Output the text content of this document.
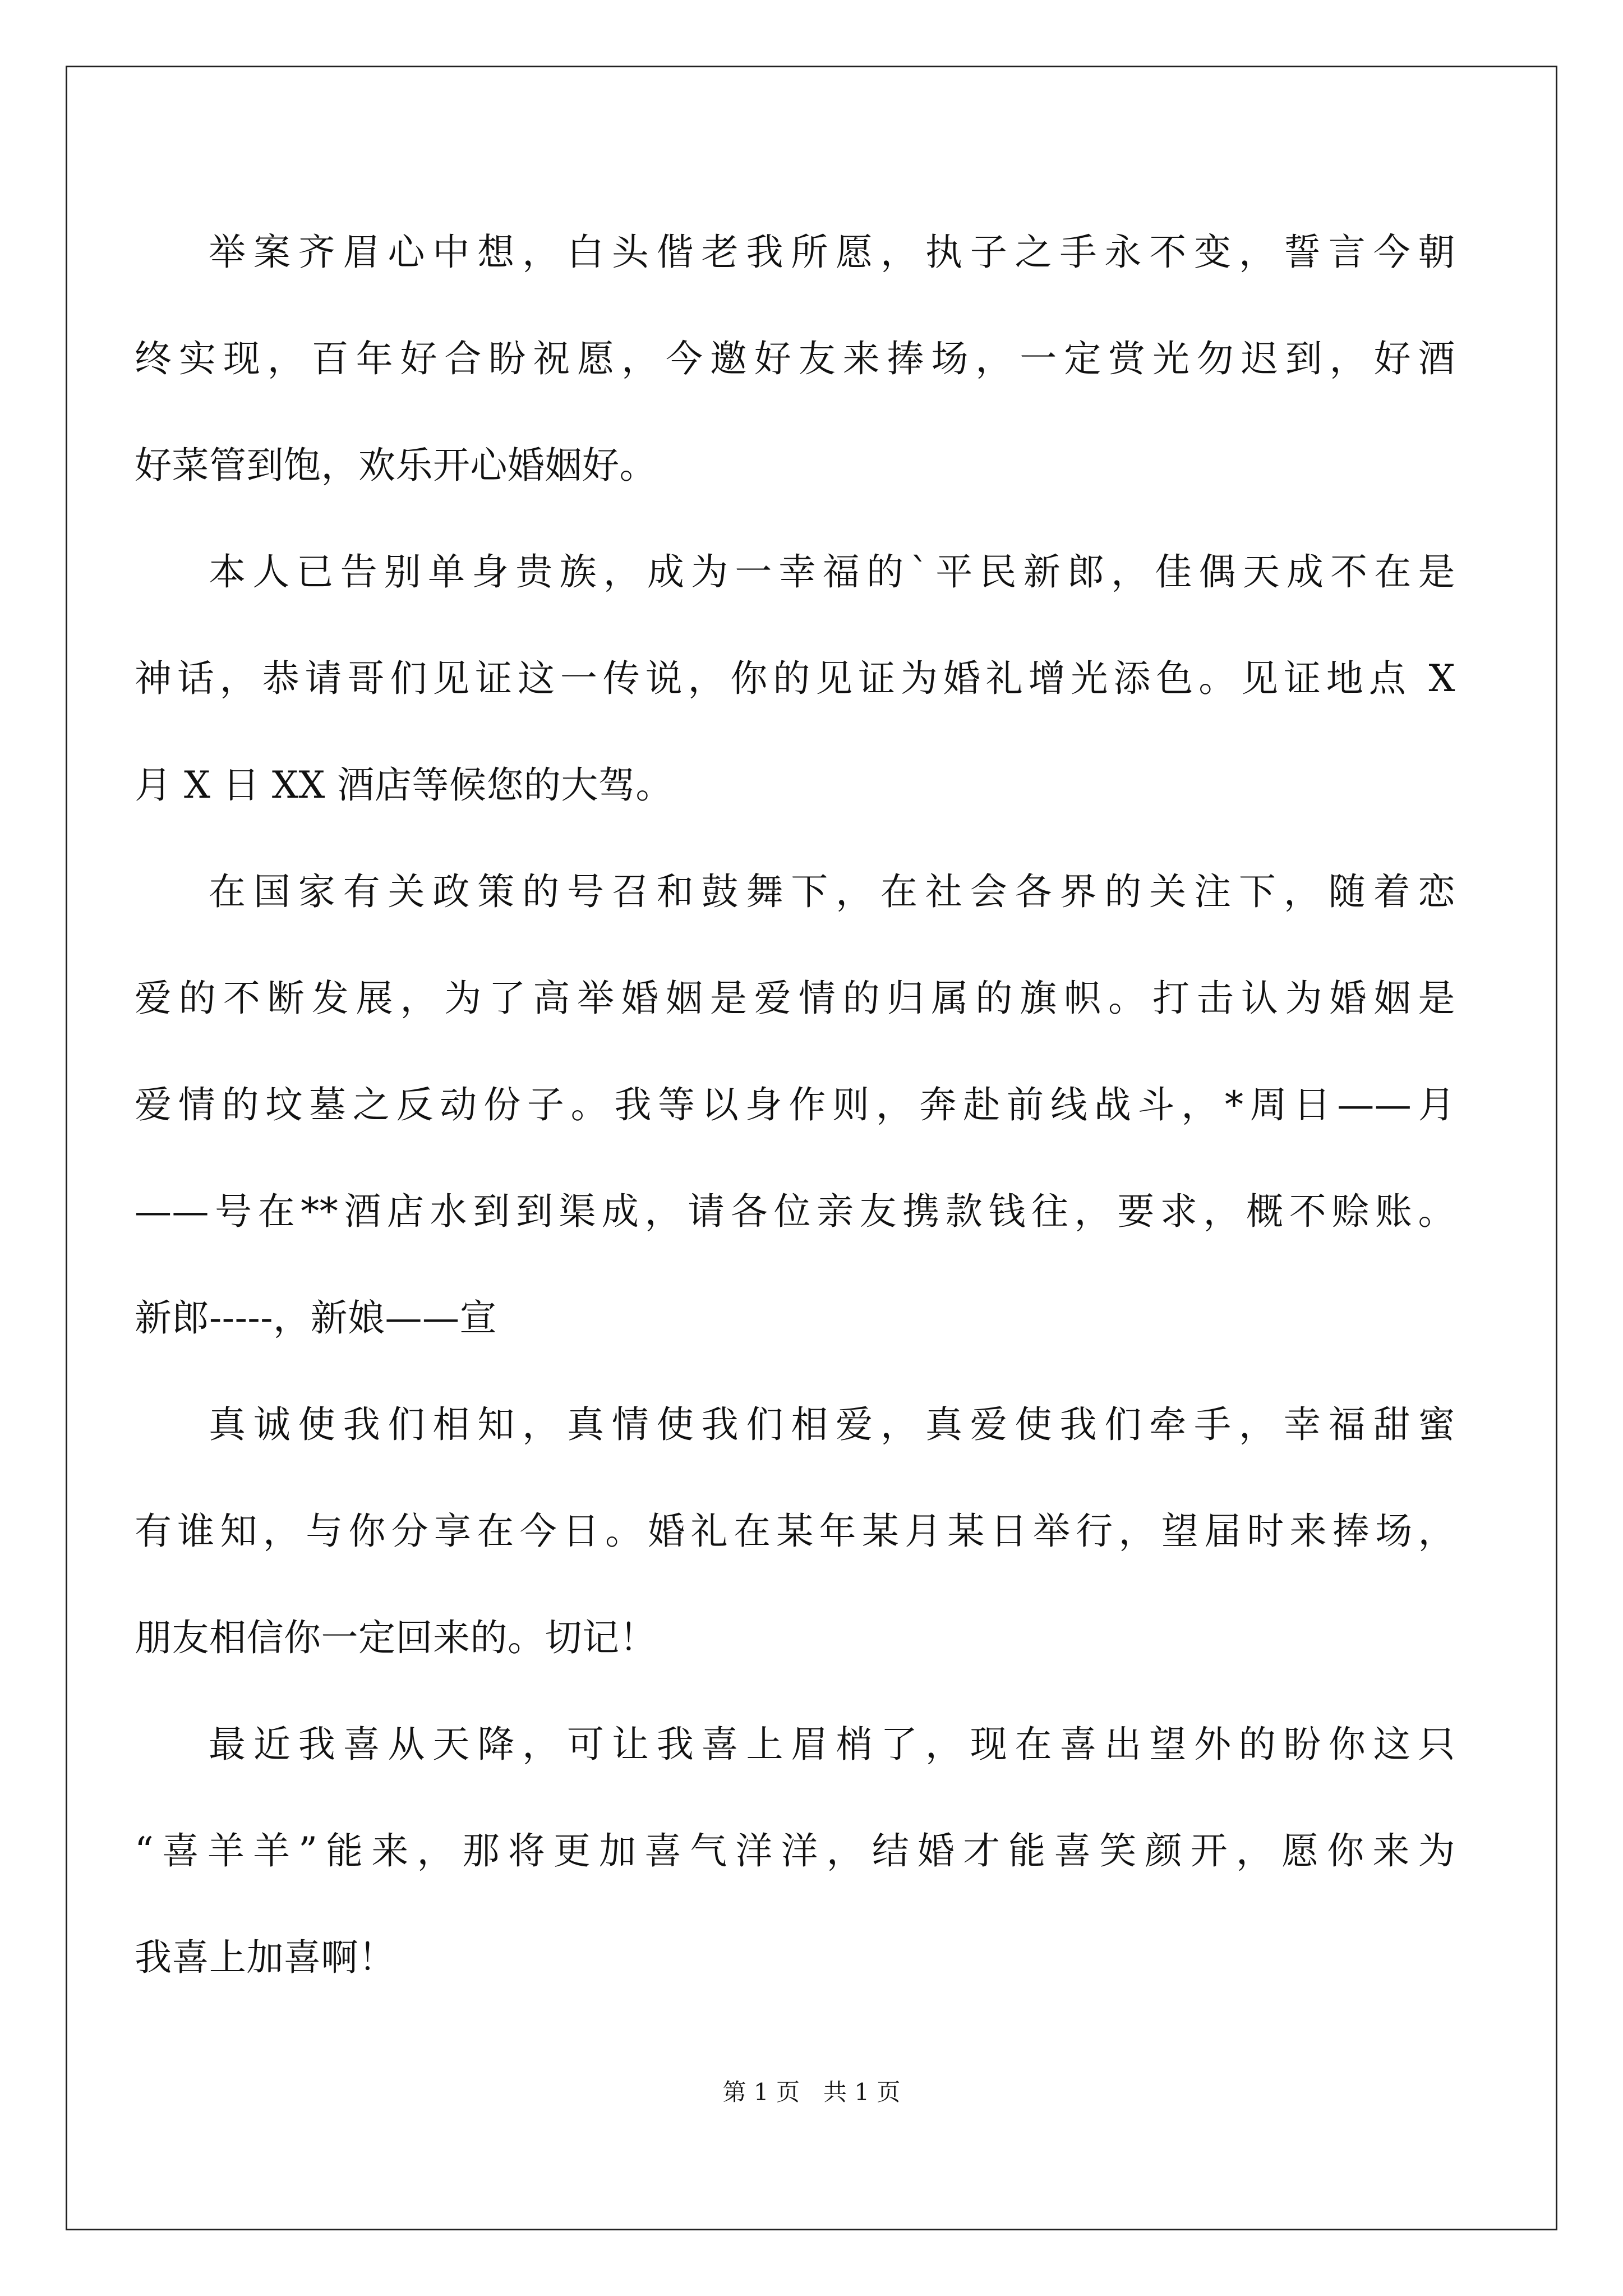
举案齐眉心中想，白头偕老我所愿，执子之手永不变，誓言今朝
终实现，百年好合盼祝愿，今邀好友来捧场，一定赏光勿迟到，好酒
好菜管到饱，欢乐开心婚姻好。
本人已告别单身贵族，成为一幸福的`平民新郎，佳偶天成不在是
神话，恭请哥们见证这一传说，你的见证为婚礼增光添色。见证地点 X
月 X 日 XX 酒店等候您的大驾。
在国家有关政策的号召和鼓舞下，在社会各界的关注下，随着恋
爱的不断发展，为了高举婚姻是爱情的归属的旗帜。打击认为婚姻是
爱情的坟墓之反动份子。我等以身作则，奔赴前线战斗，*周日——月
——号在**酒店水到到渠成，请各位亲友携款钱往，要求，概不赊账。
新郎-----，新娘——宣
真诚使我们相知，真情使我们相爱，真爱使我们牵手，幸福甜蜜
有谁知，与你分享在今日。婚礼在某年某月某日举行，望届时来捧场，
朋友相信你一定回来的。切记！
最近我喜从天降，可让我喜上眉梢了，现在喜出望外的盼你这只
“喜羊羊”能来，那将更加喜气洋洋，结婚才能喜笑颜开，愿你来为
我喜上加喜啊！
第 1 页　共 1 页
